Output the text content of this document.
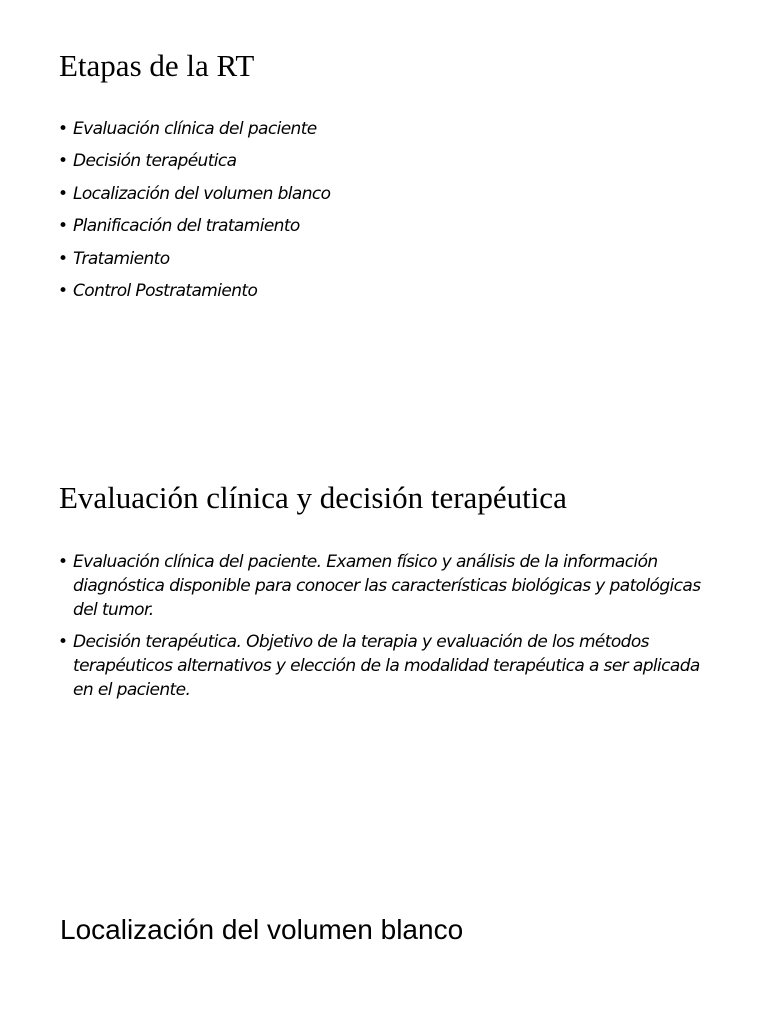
Etapas de la RT
• Evaluación clínica del paciente
• Decisión terapéutica
• Localización del volumen blanco
• Planificación del tratamiento
• Tratamiento
• Control Postratamiento
Evaluación clínica y decisión terapéutica
• Evaluación clínica del paciente. Examen físico y análisis de la información diagnóstica disponible para conocer las características biológicas y patológicas del tumor.
• Decisión terapéutica. Objetivo de la terapia y evaluación de los métodos terapéuticos alternativos y elección de la modalidad terapéutica a ser aplicada en el paciente.
Localización del volumen blanco
